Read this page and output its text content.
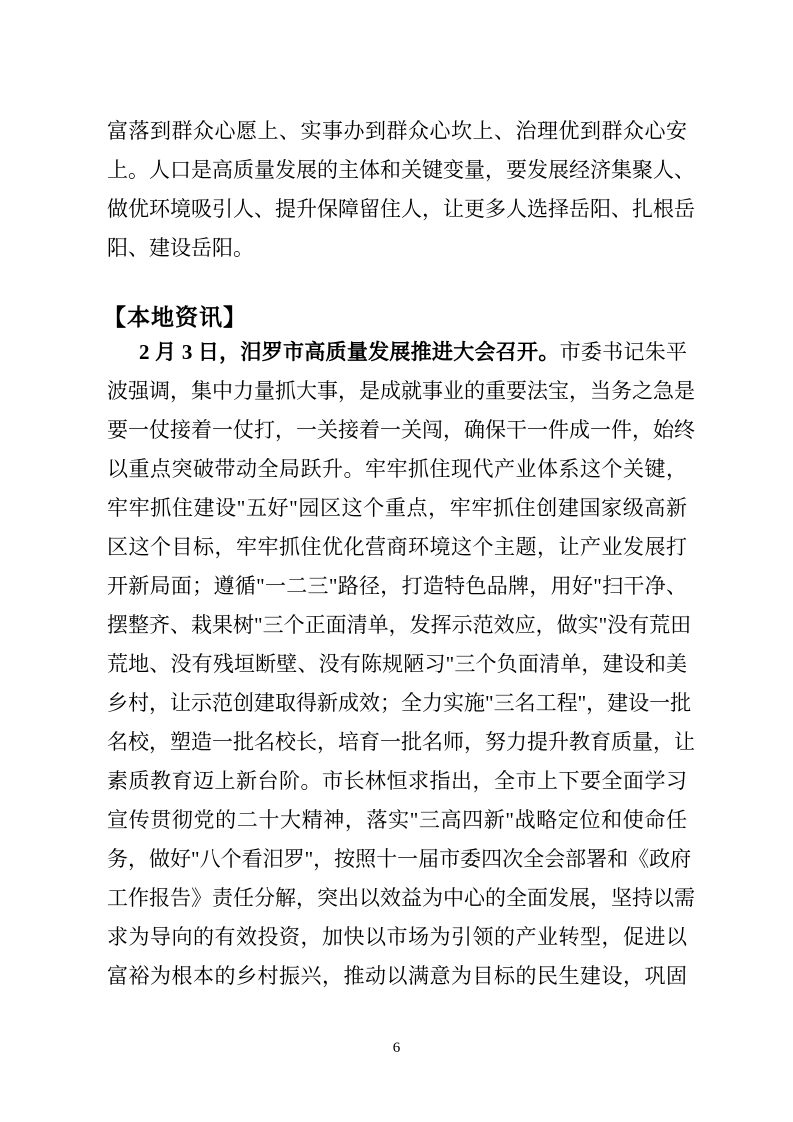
富落到群众心愿上、实事办到群众心坎上、治理优到群众心安
上。人口是高质量发展的主体和关键变量，要发展经济集聚人、
做优环境吸引人、提升保障留住人，让更多人选择岳阳、扎根岳
阳、建设岳阳。
【本地资讯】
2 月 3 日，汨罗市高质量发展推进大会召开。市委书记朱平
波强调，集中力量抓大事，是成就事业的重要法宝，当务之急是
要一仗接着一仗打，一关接着一关闯，确保干一件成一件，始终
以重点突破带动全局跃升。牢牢抓住现代产业体系这个关键，
牢牢抓住建设"五好"园区这个重点，牢牢抓住创建国家级高新
区这个目标，牢牢抓住优化营商环境这个主题，让产业发展打
开新局面；遵循"一二三"路径，打造特色品牌，用好"扫干净、
摆整齐、栽果树"三个正面清单，发挥示范效应，做实"没有荒田
荒地、没有残垣断壁、没有陈规陋习"三个负面清单，建设和美
乡村，让示范创建取得新成效；全力实施"三名工程"，建设一批
名校，塑造一批名校长，培育一批名师，努力提升教育质量，让
素质教育迈上新台阶。市长林恒求指出，全市上下要全面学习
宣传贯彻党的二十大精神，落实"三高四新"战略定位和使命任
务，做好"八个看汨罗"，按照十一届市委四次全会部署和《政府
工作报告》责任分解，突出以效益为中心的全面发展，坚持以需
求为导向的有效投资，加快以市场为引领的产业转型，促进以
富裕为根本的乡村振兴，推动以满意为目标的民生建设，巩固
6
